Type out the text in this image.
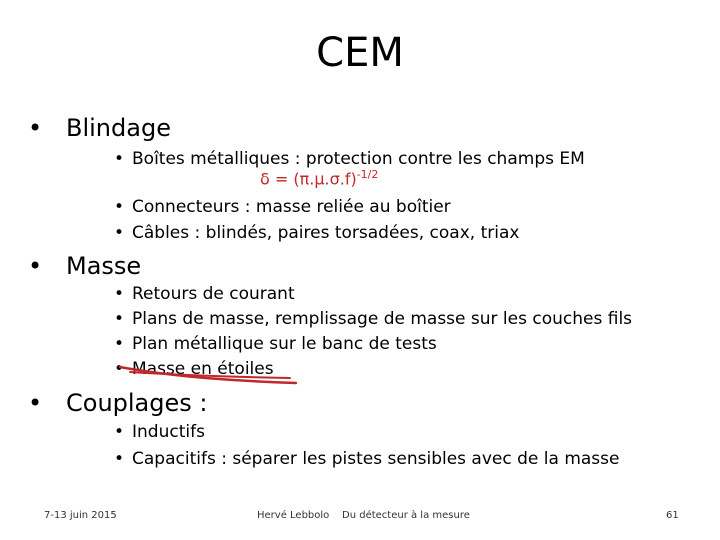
CEM
• Blindage
• Boîtes métalliques : protection contre les champs EM
$\delta = (\pi.\mu.\sigma.f)^{-1/2}$
• Connecteurs : masse reliée au boîtier
• Câbles : blindés, paires torsadées, coax, triax
• Masse
• Retours de courant
• Plans de masse, remplissage de masse sur les couches fils
• Plan métallique sur le banc de tests
• Masse en étoiles
• Couplages :
• Inductifs
• Capacitifs : séparer les pistes sensibles avec de la masse
7-13 juin 2015	Hervé Lebbolo Du détecteur à la mesure	61
